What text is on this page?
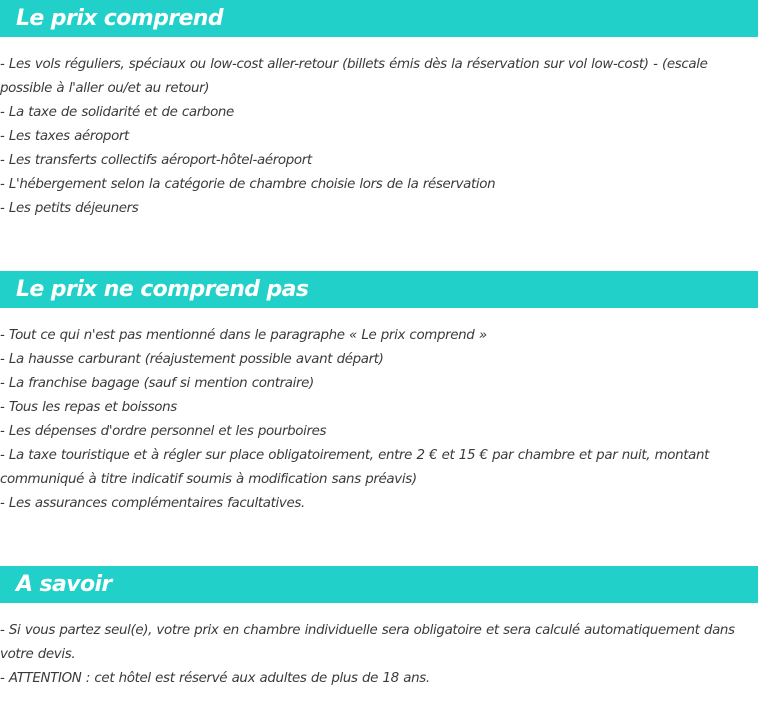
Le prix comprend
- Les vols réguliers, spéciaux ou low-cost aller-retour (billets émis dès la réservation sur vol low-cost) - (escale possible à l'aller ou/et au retour)
- La taxe de solidarité et de carbone
- Les taxes aéroport
- Les transferts collectifs aéroport-hôtel-aéroport
- L'hébergement selon la catégorie de chambre choisie lors de la réservation
- Les petits déjeuners
Le prix ne comprend pas
- Tout ce qui n'est pas mentionné dans le paragraphe « Le prix comprend »
- La hausse carburant (réajustement possible avant départ)
- La franchise bagage (sauf si mention contraire)
- Tous les repas et boissons
- Les dépenses d'ordre personnel et les pourboires
- La taxe touristique et à régler sur place obligatoirement, entre 2 € et 15 € par chambre et par nuit, montant communiqué à titre indicatif soumis à modification sans préavis)
- Les assurances complémentaires facultatives.
A savoir
- Si vous partez seul(e), votre prix en chambre individuelle sera obligatoire et sera calculé automatiquement dans votre devis.
- ATTENTION : cet hôtel est réservé aux adultes de plus de 18 ans.
